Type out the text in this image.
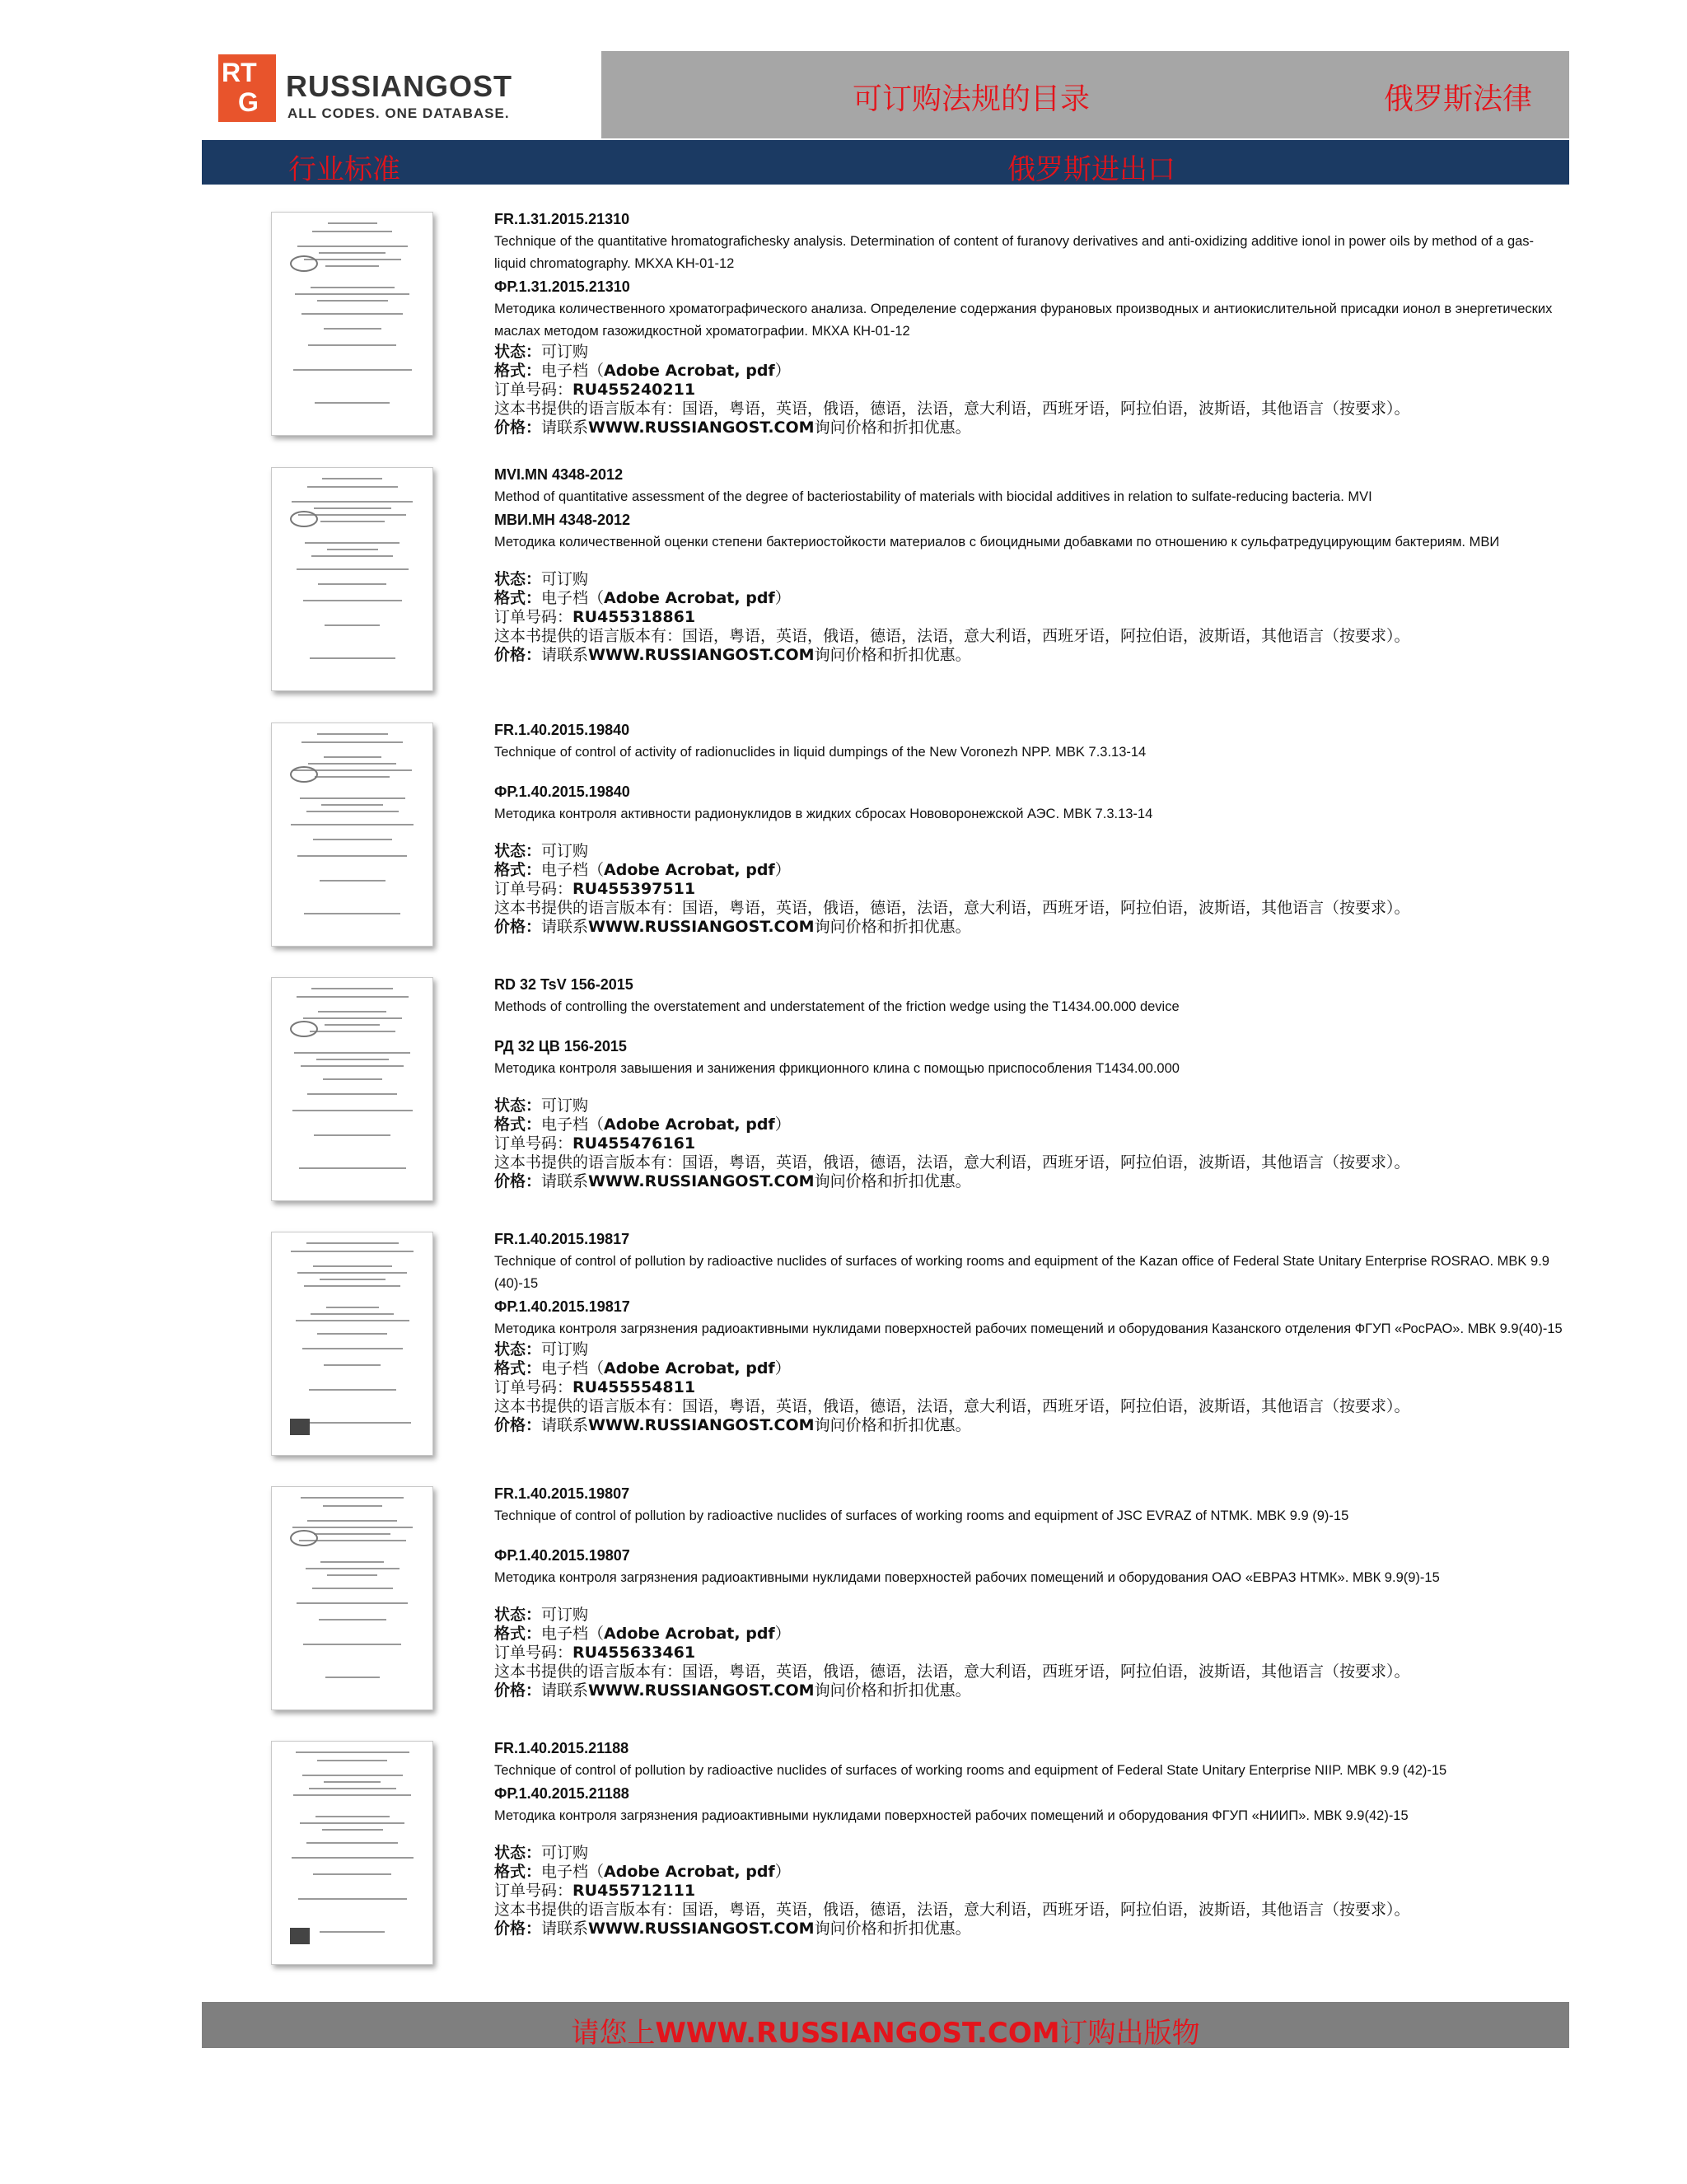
RT
G RUSSIANGOST
ALL CODES. ONE DATABASE.	可订购法规的目录	俄罗斯法律
行业标准	俄罗斯进出口
FR.1.31.2015.21310
Technique of the quantitative hromatografichesky analysis. Determination of content of furanovy derivatives and anti-oxidizing additive ionol in power oils by method of a gas-liquid chromatography. MKXA KH-01-12
ФР.1.31.2015.21310
Методика количественного хроматографического анализа. Определение содержания фурановых производных и антиокислительной присадки ионол в энергетических маслах методом газожидкостной хроматографии. МКХА КН-01-12
状态：可订购
格式：电子档（Adobe Acrobat, pdf）
订单号码：RU455240211
这本书提供的语言版本有：国语，粤语，英语，俄语，德语，法语，意大利语，西班牙语，阿拉伯语，波斯语，其他语言（按要求）。
价格：请联系WWW.RUSSIANGOST.COM询问价格和折扣优惠。
MVI.MN 4348-2012
Method of quantitative assessment of the degree of bacteriostability of materials with biocidal additives in relation to sulfate-reducing bacteria. MVI
МВИ.МН 4348-2012
Методика количественной оценки степени бактериостойкости материалов с биоцидными добавками по отношению к сульфатредуцирующим бактериям. МВИ
状态：可订购
格式：电子档（Adobe Acrobat, pdf）
订单号码：RU455318861
这本书提供的语言版本有：国语，粤语，英语，俄语，德语，法语，意大利语，西班牙语，阿拉伯语，波斯语，其他语言（按要求）。
价格：请联系WWW.RUSSIANGOST.COM询问价格和折扣优惠。
FR.1.40.2015.19840
Technique of control of activity of radionuclides in liquid dumpings of the New Voronezh NPP. MBK 7.3.13-14
ФР.1.40.2015.19840
Методика контроля активности радионуклидов в жидких сбросах Нововоронежской АЭС. МВК 7.3.13-14
状态：可订购
格式：电子档（Adobe Acrobat, pdf）
订单号码：RU455397511
这本书提供的语言版本有：国语，粤语，英语，俄语，德语，法语，意大利语，西班牙语，阿拉伯语，波斯语，其他语言（按要求）。
价格：请联系WWW.RUSSIANGOST.COM询问价格和折扣优惠。
RD 32 TsV 156-2015
Methods of controlling the overstatement and understatement of the friction wedge using the T1434.00.000 device
РД 32 ЦВ 156-2015
Методика контроля завышения и занижения фрикционного клина с помощью приспособления Т1434.00.000
状态：可订购
格式：电子档（Adobe Acrobat, pdf）
订单号码：RU455476161
这本书提供的语言版本有：国语，粤语，英语，俄语，德语，法语，意大利语，西班牙语，阿拉伯语，波斯语，其他语言（按要求）。
价格：请联系WWW.RUSSIANGOST.COM询问价格和折扣优惠。
FR.1.40.2015.19817
Technique of control of pollution by radioactive nuclides of surfaces of working rooms and equipment of the Kazan office of Federal State Unitary Enterprise ROSRAO. MBK 9.9 (40)-15
ФР.1.40.2015.19817
Методика контроля загрязнения радиоактивными нуклидами поверхностей рабочих помещений и оборудования Казанского отделения ФГУП «РосРАО». МВК 9.9(40)-15
状态：可订购
格式：电子档（Adobe Acrobat, pdf）
订单号码：RU455554811
这本书提供的语言版本有：国语，粤语，英语，俄语，德语，法语，意大利语，西班牙语，阿拉伯语，波斯语，其他语言（按要求）。
价格：请联系WWW.RUSSIANGOST.COM询问价格和折扣优惠。
FR.1.40.2015.19807
Technique of control of pollution by radioactive nuclides of surfaces of working rooms and equipment of JSC EVRAZ of NTMK. MBK 9.9 (9)-15
ФР.1.40.2015.19807
Методика контроля загрязнения радиоактивными нуклидами поверхностей рабочих помещений и оборудования ОАО «ЕВРАЗ НТМК». МВК 9.9(9)-15
状态：可订购
格式：电子档（Adobe Acrobat, pdf）
订单号码：RU455633461
这本书提供的语言版本有：国语，粤语，英语，俄语，德语，法语，意大利语，西班牙语，阿拉伯语，波斯语，其他语言（按要求）。
价格：请联系WWW.RUSSIANGOST.COM询问价格和折扣优惠。
FR.1.40.2015.21188
Technique of control of pollution by radioactive nuclides of surfaces of working rooms and equipment of Federal State Unitary Enterprise NIIP. MBK 9.9 (42)-15
ФР.1.40.2015.21188
Методика контроля загрязнения радиоактивными нуклидами поверхностей рабочих помещений и оборудования ФГУП «НИИП». МВК 9.9(42)-15
状态：可订购
格式：电子档（Adobe Acrobat, pdf）
订单号码：RU455712111
这本书提供的语言版本有：国语，粤语，英语，俄语，德语，法语，意大利语，西班牙语，阿拉伯语，波斯语，其他语言（按要求）。
价格：请联系WWW.RUSSIANGOST.COM询问价格和折扣优惠。
请您上WWW.RUSSIANGOST.COM订购出版物
